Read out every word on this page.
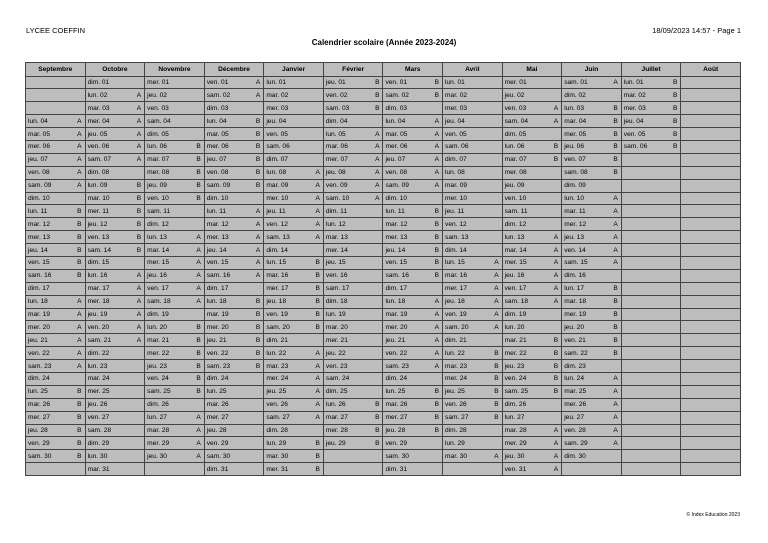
LYCEE COEFFIN	18/09/2023 14:57 - Page 1
Calendrier scolaire (Année 2023-2024)
Septembre	Octobre	Novembre	Décembre	Janvier	Février	Mars	Avril	Mai	Juin	Juillet	Août

	dim. 01	mer. 01	ven. 01 A	lun. 01	jeu. 01 B	ven. 01 B	lun. 01	mer. 01	sam. 01 A	lun. 01 B	

	lun. 02 A	jeu. 02	sam. 02 A	mar. 02	ven. 02 B	sam. 02 B	mar. 02	jeu. 02	dim. 02	mar. 02 B	

	mar. 03 A	ven. 03	dim. 03	mer. 03	sam. 03 B	dim. 03	mer. 03	ven. 03 A	lun. 03 B	mer. 03 B	

lun. 04 A	mer. 04 A	sam. 04	lun. 04 B	jeu. 04	dim. 04	lun. 04 A	jeu. 04	sam. 04 A	mar. 04 B	jeu. 04 B	

mar. 05 A	jeu. 05 A	dim. 05	mar. 05 B	ven. 05	lun. 05 A	mar. 05 A	ven. 05	dim. 05	mer. 05 B	ven. 05 B	

mer. 06 A	ven. 06 A	lun. 06 B	mer. 06 B	sam. 06	mar. 06 A	mer. 06 A	sam. 06	lun. 06 B	jeu. 06 B	sam. 06 B	

jeu. 07 A	sam. 07 A	mar. 07 B	jeu. 07 B	dim. 07	mer. 07 A	jeu. 07 A	dim. 07	mar. 07 B	ven. 07 B		

ven. 08 A	dim. 08	mer. 08 B	ven. 08 B	lun. 08 A	jeu. 08 A	ven. 08 A	lun. 08	mer. 08	sam. 08 B		

sam. 09 A	lun. 09 B	jeu. 09 B	sam. 09 B	mar. 09 A	ven. 09 A	sam. 09 A	mar. 09	jeu. 09	dim. 09		

dim. 10	mar. 10 B	ven. 10 B	dim. 10	mer. 10 A	sam. 10 A	dim. 10	mer. 10	ven. 10	lun. 10 A		

lun. 11 B	mer. 11 B	sam. 11	lun. 11 A	jeu. 11 A	dim. 11	lun. 11 B	jeu. 11	sam. 11	mar. 11 A		

mar. 12 B	jeu. 12 B	dim. 12	mar. 12 A	ven. 12 A	lun. 12	mar. 12 B	ven. 12	dim. 12	mer. 12 A		

mer. 13 B	ven. 13 B	lun. 13 A	mer. 13 A	sam. 13 A	mar. 13	mer. 13 B	sam. 13	lun. 13 A	jeu. 13 A		

jeu. 14 B	sam. 14 B	mar. 14 A	jeu. 14 A	dim. 14	mer. 14	jeu. 14 B	dim. 14	mar. 14 A	ven. 14 A		

ven. 15 B	dim. 15	mer. 15 A	ven. 15 A	lun. 15 B	jeu. 15	ven. 15 B	lun. 15 A	mer. 15 A	sam. 15 A		

sam. 16 B	lun. 16 A	jeu. 16 A	sam. 16 A	mar. 16 B	ven. 16	sam. 16 B	mar. 16 A	jeu. 16 A	dim. 16		

dim. 17	mar. 17 A	ven. 17 A	dim. 17	mer. 17 B	sam. 17	dim. 17	mer. 17 A	ven. 17 A	lun. 17 B		

lun. 18 A	mer. 18 A	sam. 18 A	lun. 18 B	jeu. 18 B	dim. 18	lun. 18 A	jeu. 18 A	sam. 18 A	mar. 18 B		

mar. 19 A	jeu. 19 A	dim. 19	mar. 19 B	ven. 19 B	lun. 19	mar. 19 A	ven. 19 A	dim. 19	mer. 19 B		

mer. 20 A	ven. 20 A	lun. 20 B	mer. 20 B	sam. 20 B	mar. 20	mer. 20 A	sam. 20 A	lun. 20	jeu. 20 B		

jeu. 21 A	sam. 21 A	mar. 21 B	jeu. 21 B	dim. 21	mer. 21	jeu. 21 A	dim. 21	mar. 21 B	ven. 21 B		

ven. 22 A	dim. 22	mer. 22 B	ven. 22 B	lun. 22 A	jeu. 22	ven. 22 A	lun. 22 B	mer. 22 B	sam. 22 B		

sam. 23 A	lun. 23	jeu. 23 B	sam. 23 B	mar. 23 A	ven. 23	sam. 23 A	mar. 23 B	jeu. 23 B	dim. 23		

dim. 24	mar. 24	ven. 24 B	dim. 24	mer. 24 A	sam. 24	dim. 24	mer. 24 B	ven. 24 B	lun. 24 A		

lun. 25 B	mer. 25	sam. 25 B	lun. 25	jeu. 25 A	dim. 25	lun. 25 B	jeu. 25 B	sam. 25 B	mar. 25 A		

mar. 26 B	jeu. 26	dim. 26	mar. 26	ven. 26 A	lun. 26 B	mar. 26 B	ven. 26 B	dim. 26	mer. 26 A		

mer. 27 B	ven. 27	lun. 27 A	mer. 27	sam. 27 A	mar. 27 B	mer. 27 B	sam. 27 B	lun. 27	jeu. 27 A		

jeu. 28 B	sam. 28	mar. 28 A	jeu. 28	dim. 28	mer. 28 B	jeu. 28 B	dim. 28	mar. 28 A	ven. 28 A		

ven. 29 B	dim. 29	mer. 29 A	ven. 29	lun. 29 B	jeu. 29 B	ven. 29	lun. 29	mer. 29 A	sam. 29 A		

sam. 30 B	lun. 30	jeu. 30 A	sam. 30	mar. 30 B		sam. 30	mar. 30 A	jeu. 30 A	dim. 30		

	mar. 31		dim. 31	mer. 31 B		dim. 31		ven. 31 A			

© Index Education 2023
